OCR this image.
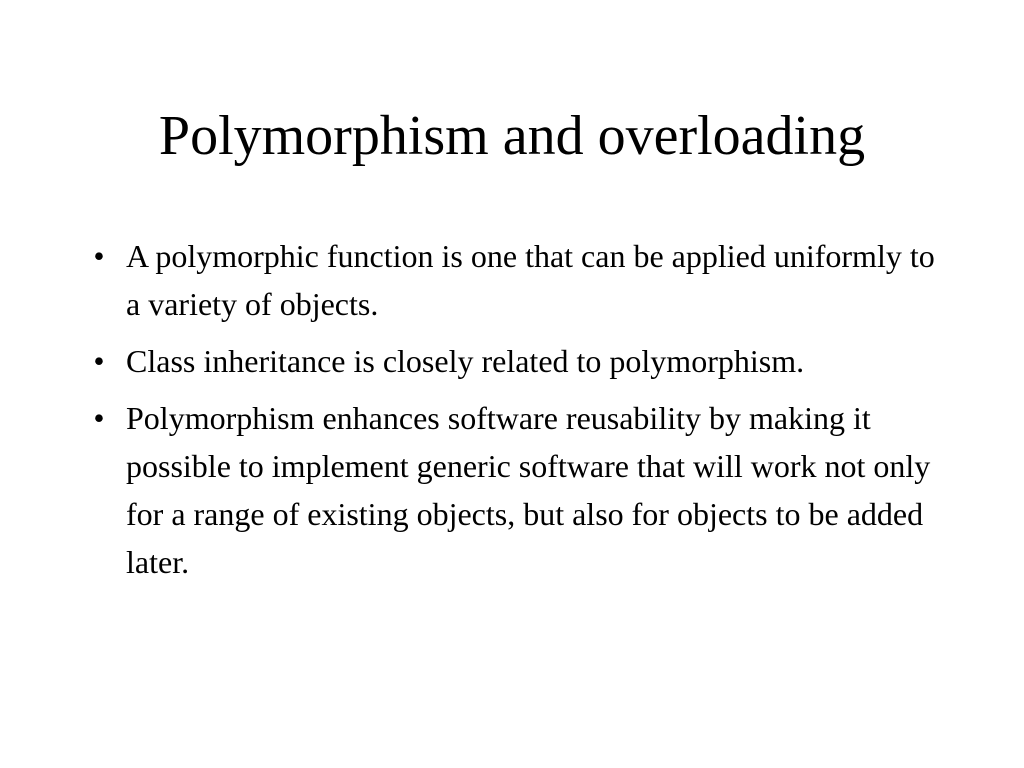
Polymorphism and overloading
• A polymorphic function is one that can be applied uniformly to a variety of objects.
• Class inheritance is closely related to polymorphism.
• Polymorphism enhances software reusability by making it possible to implement generic software that will work not only for a range of existing objects, but also for objects to be added later.
